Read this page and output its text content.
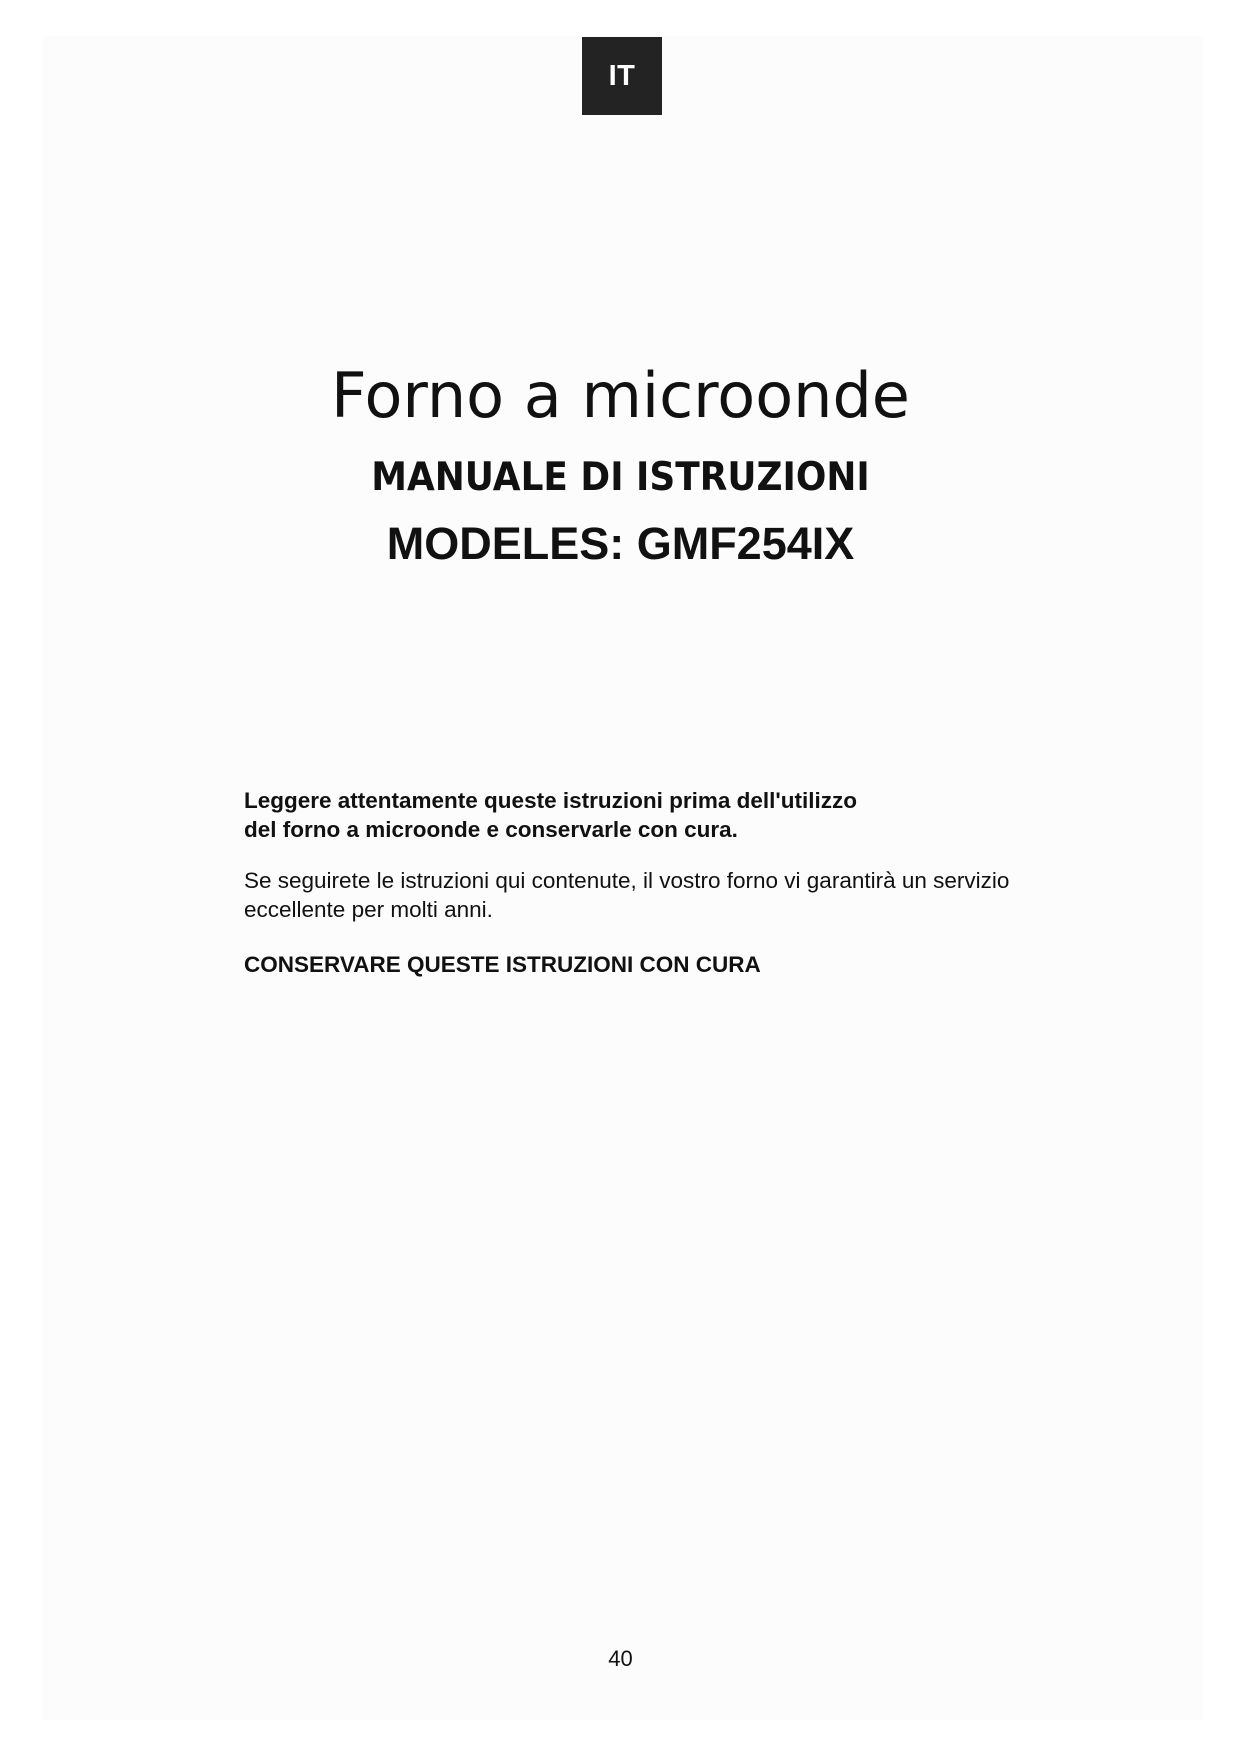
IT
Forno a microonde
MANUALE DI ISTRUZIONI
MODELES: GMF254IX
Leggere attentamente queste istruzioni prima dell'utilizzo
del forno a microonde e conservarle con cura.
Se seguirete le istruzioni qui contenute, il vostro forno vi garantirà un servizio
eccellente per molti anni.
CONSERVARE QUESTE ISTRUZIONI CON CURA
40
